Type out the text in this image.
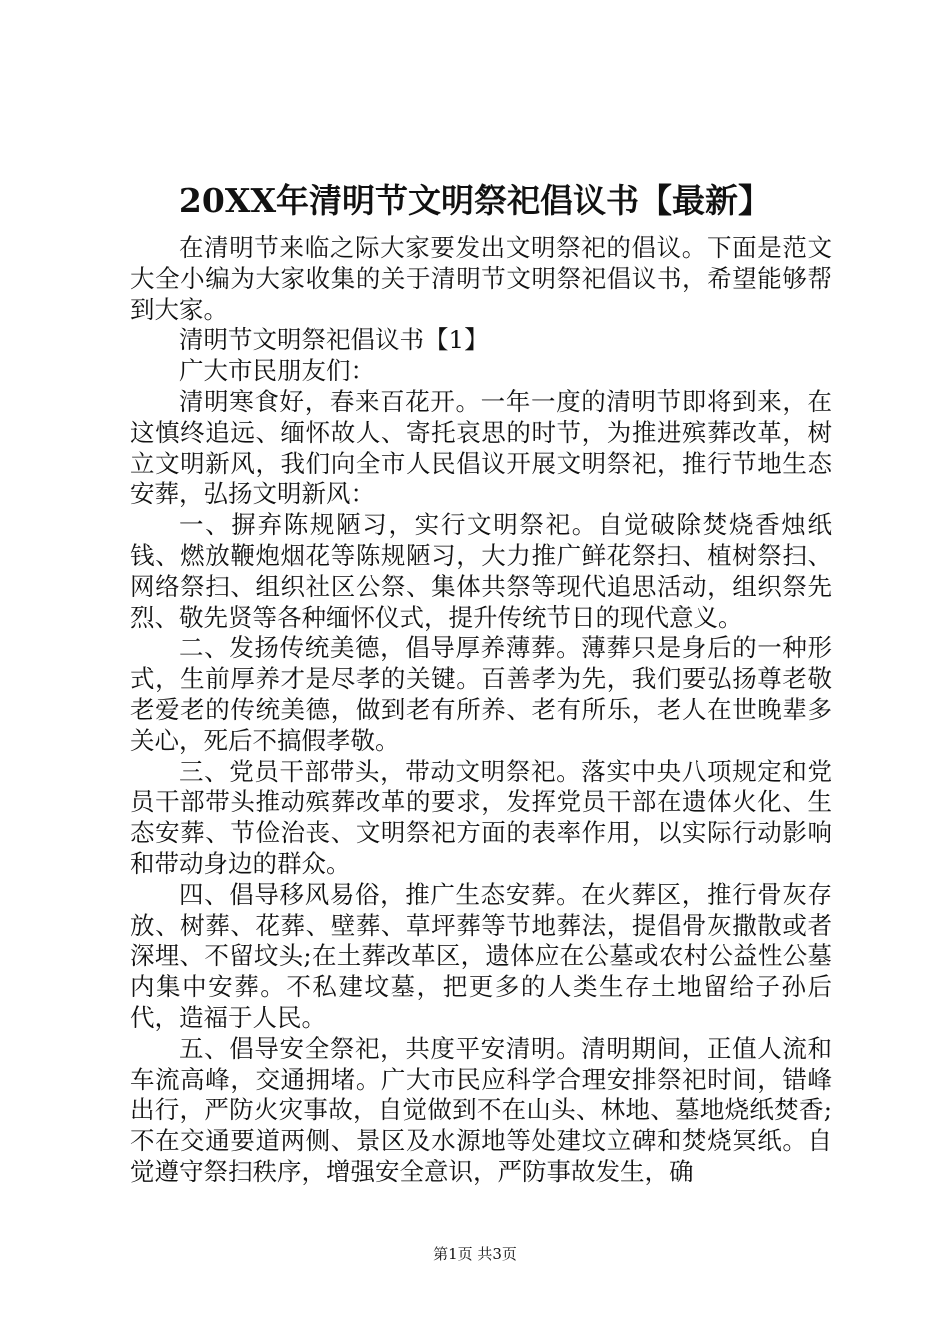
20XX年清明节文明祭祀倡议书【最新】

在清明节来临之际大家要发出文明祭祀的倡议。下面是范文大全小编为大家收集的关于清明节文明祭祀倡议书，希望能够帮到大家。

清明节文明祭祀倡议书【1】

广大市民朋友们：

清明寒食好，春来百花开。一年一度的清明节即将到来，在这慎终追远、缅怀故人、寄托哀思的时节，为推进殡葬改革，树立文明新风，我们向全市人民倡议开展文明祭祀，推行节地生态安葬，弘扬文明新风：

一、摒弃陈规陋习，实行文明祭祀。自觉破除焚烧香烛纸钱、燃放鞭炮烟花等陈规陋习，大力推广鲜花祭扫、植树祭扫、网络祭扫、组织社区公祭、集体共祭等现代追思活动，组织祭先烈、敬先贤等各种缅怀仪式，提升传统节日的现代意义。

二、发扬传统美德，倡导厚养薄葬。薄葬只是身后的一种形式，生前厚养才是尽孝的关键。百善孝为先，我们要弘扬尊老敬老爱老的传统美德，做到老有所养、老有所乐，老人在世晚辈多关心，死后不搞假孝敬。

三、党员干部带头，带动文明祭祀。落实中央八项规定和党员干部带头推动殡葬改革的要求，发挥党员干部在遗体火化、生态安葬、节俭治丧、文明祭祀方面的表率作用，以实际行动影响和带动身边的群众。

四、倡导移风易俗，推广生态安葬。在火葬区，推行骨灰存放、树葬、花葬、壁葬、草坪葬等节地葬法，提倡骨灰撒散或者深埋、不留坟头;在土葬改革区，遗体应在公墓或农村公益性公墓内集中安葬。不私建坟墓，把更多的人类生存土地留给子孙后代，造福于人民。

五、倡导安全祭祀，共度平安清明。清明期间，正值人流和车流高峰，交通拥堵。广大市民应科学合理安排祭祀时间，错峰出行，严防火灾事故，自觉做到不在山头、林地、墓地烧纸焚香;不在交通要道两侧、景区及水源地等处建坟立碑和焚烧冥纸。自觉遵守祭扫秩序，增强安全意识，严防事故发生，确

第1页 共3页
